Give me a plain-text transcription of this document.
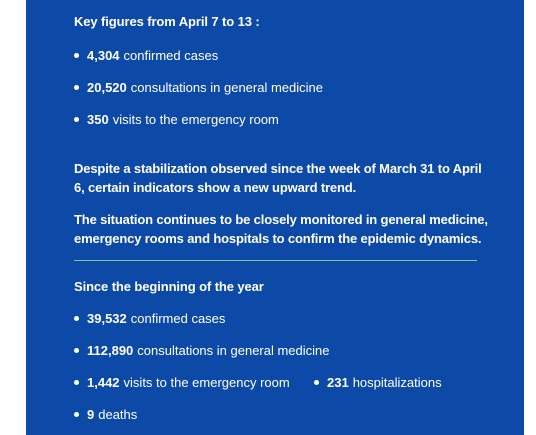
Key figures from April 7 to 13 :
4,304 confirmed cases
20,520 consultations in general medicine
350 visits to the emergency room
Despite a stabilization observed since the week of March 31 to April 6, certain indicators show a new upward trend.
The situation continues to be closely monitored in general medicine, emergency rooms and hospitals to confirm the epidemic dynamics.
Since the beginning of the year
39,532 confirmed cases
112,890 consultations in general medicine
1,442 visits to the emergency room	231 hospitalizations
9 deaths
